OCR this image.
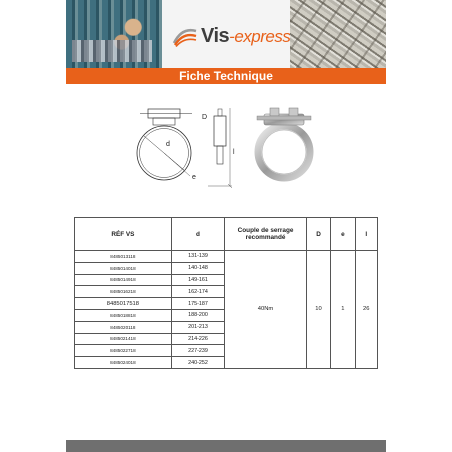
Vis-express
Fiche Technique
d
e
D
l
RÉF VS	d	Couple de serrage recommandé	D	e	l
8485013118	131-139	40Nm	10	1	26
8485014018	140-148				
8485014918	149-161				
8485016218	162-174				
8485017518	175-187				
8485018818	188-200				
8485020118	201-213				
8485021418	214-226				
8485022718	227-239				
8485024018	240-252				
